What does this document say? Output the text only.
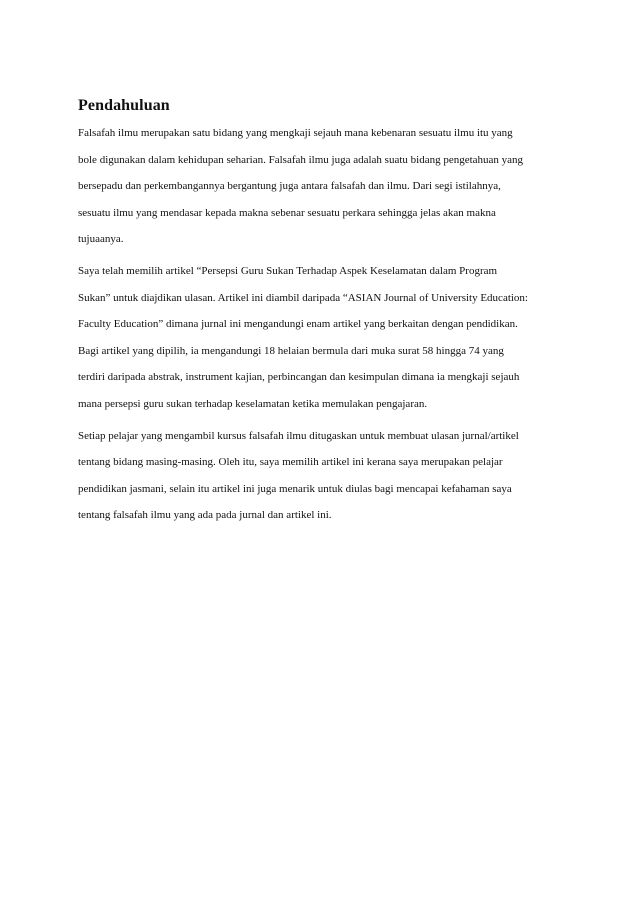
Pendahuluan
Falsafah ilmu merupakan satu bidang yang mengkaji sejauh mana kebenaran sesuatu ilmu itu yang
bole digunakan dalam kehidupan seharian. Falsafah ilmu juga adalah suatu bidang pengetahuan yang
bersepadu dan perkembangannya bergantung juga antara falsafah dan ilmu. Dari segi istilahnya,
sesuatu ilmu yang mendasar kepada makna sebenar sesuatu perkara sehingga jelas akan makna
tujuaanya.
Saya telah memilih artikel “Persepsi Guru Sukan Terhadap Aspek Keselamatan dalam Program
Sukan” untuk diajdikan ulasan. Artikel ini diambil daripada “ASIAN Journal of University Education:
Faculty Education” dimana jurnal ini mengandungi enam artikel yang berkaitan dengan pendidikan.
Bagi artikel yang dipilih, ia mengandungi 18 helaian bermula dari muka surat 58 hingga 74 yang
terdiri daripada abstrak, instrument kajian, perbincangan dan kesimpulan dimana ia mengkaji sejauh
mana persepsi guru sukan terhadap keselamatan ketika memulakan pengajaran.
Setiap pelajar yang mengambil kursus falsafah ilmu ditugaskan untuk membuat ulasan jurnal/artikel
tentang bidang masing-masing. Oleh itu, saya memilih artikel ini kerana saya merupakan pelajar
pendidikan jasmani, selain itu artikel ini juga menarik untuk diulas bagi mencapai kefahaman saya
tentang falsafah ilmu yang ada pada jurnal dan artikel ini.
